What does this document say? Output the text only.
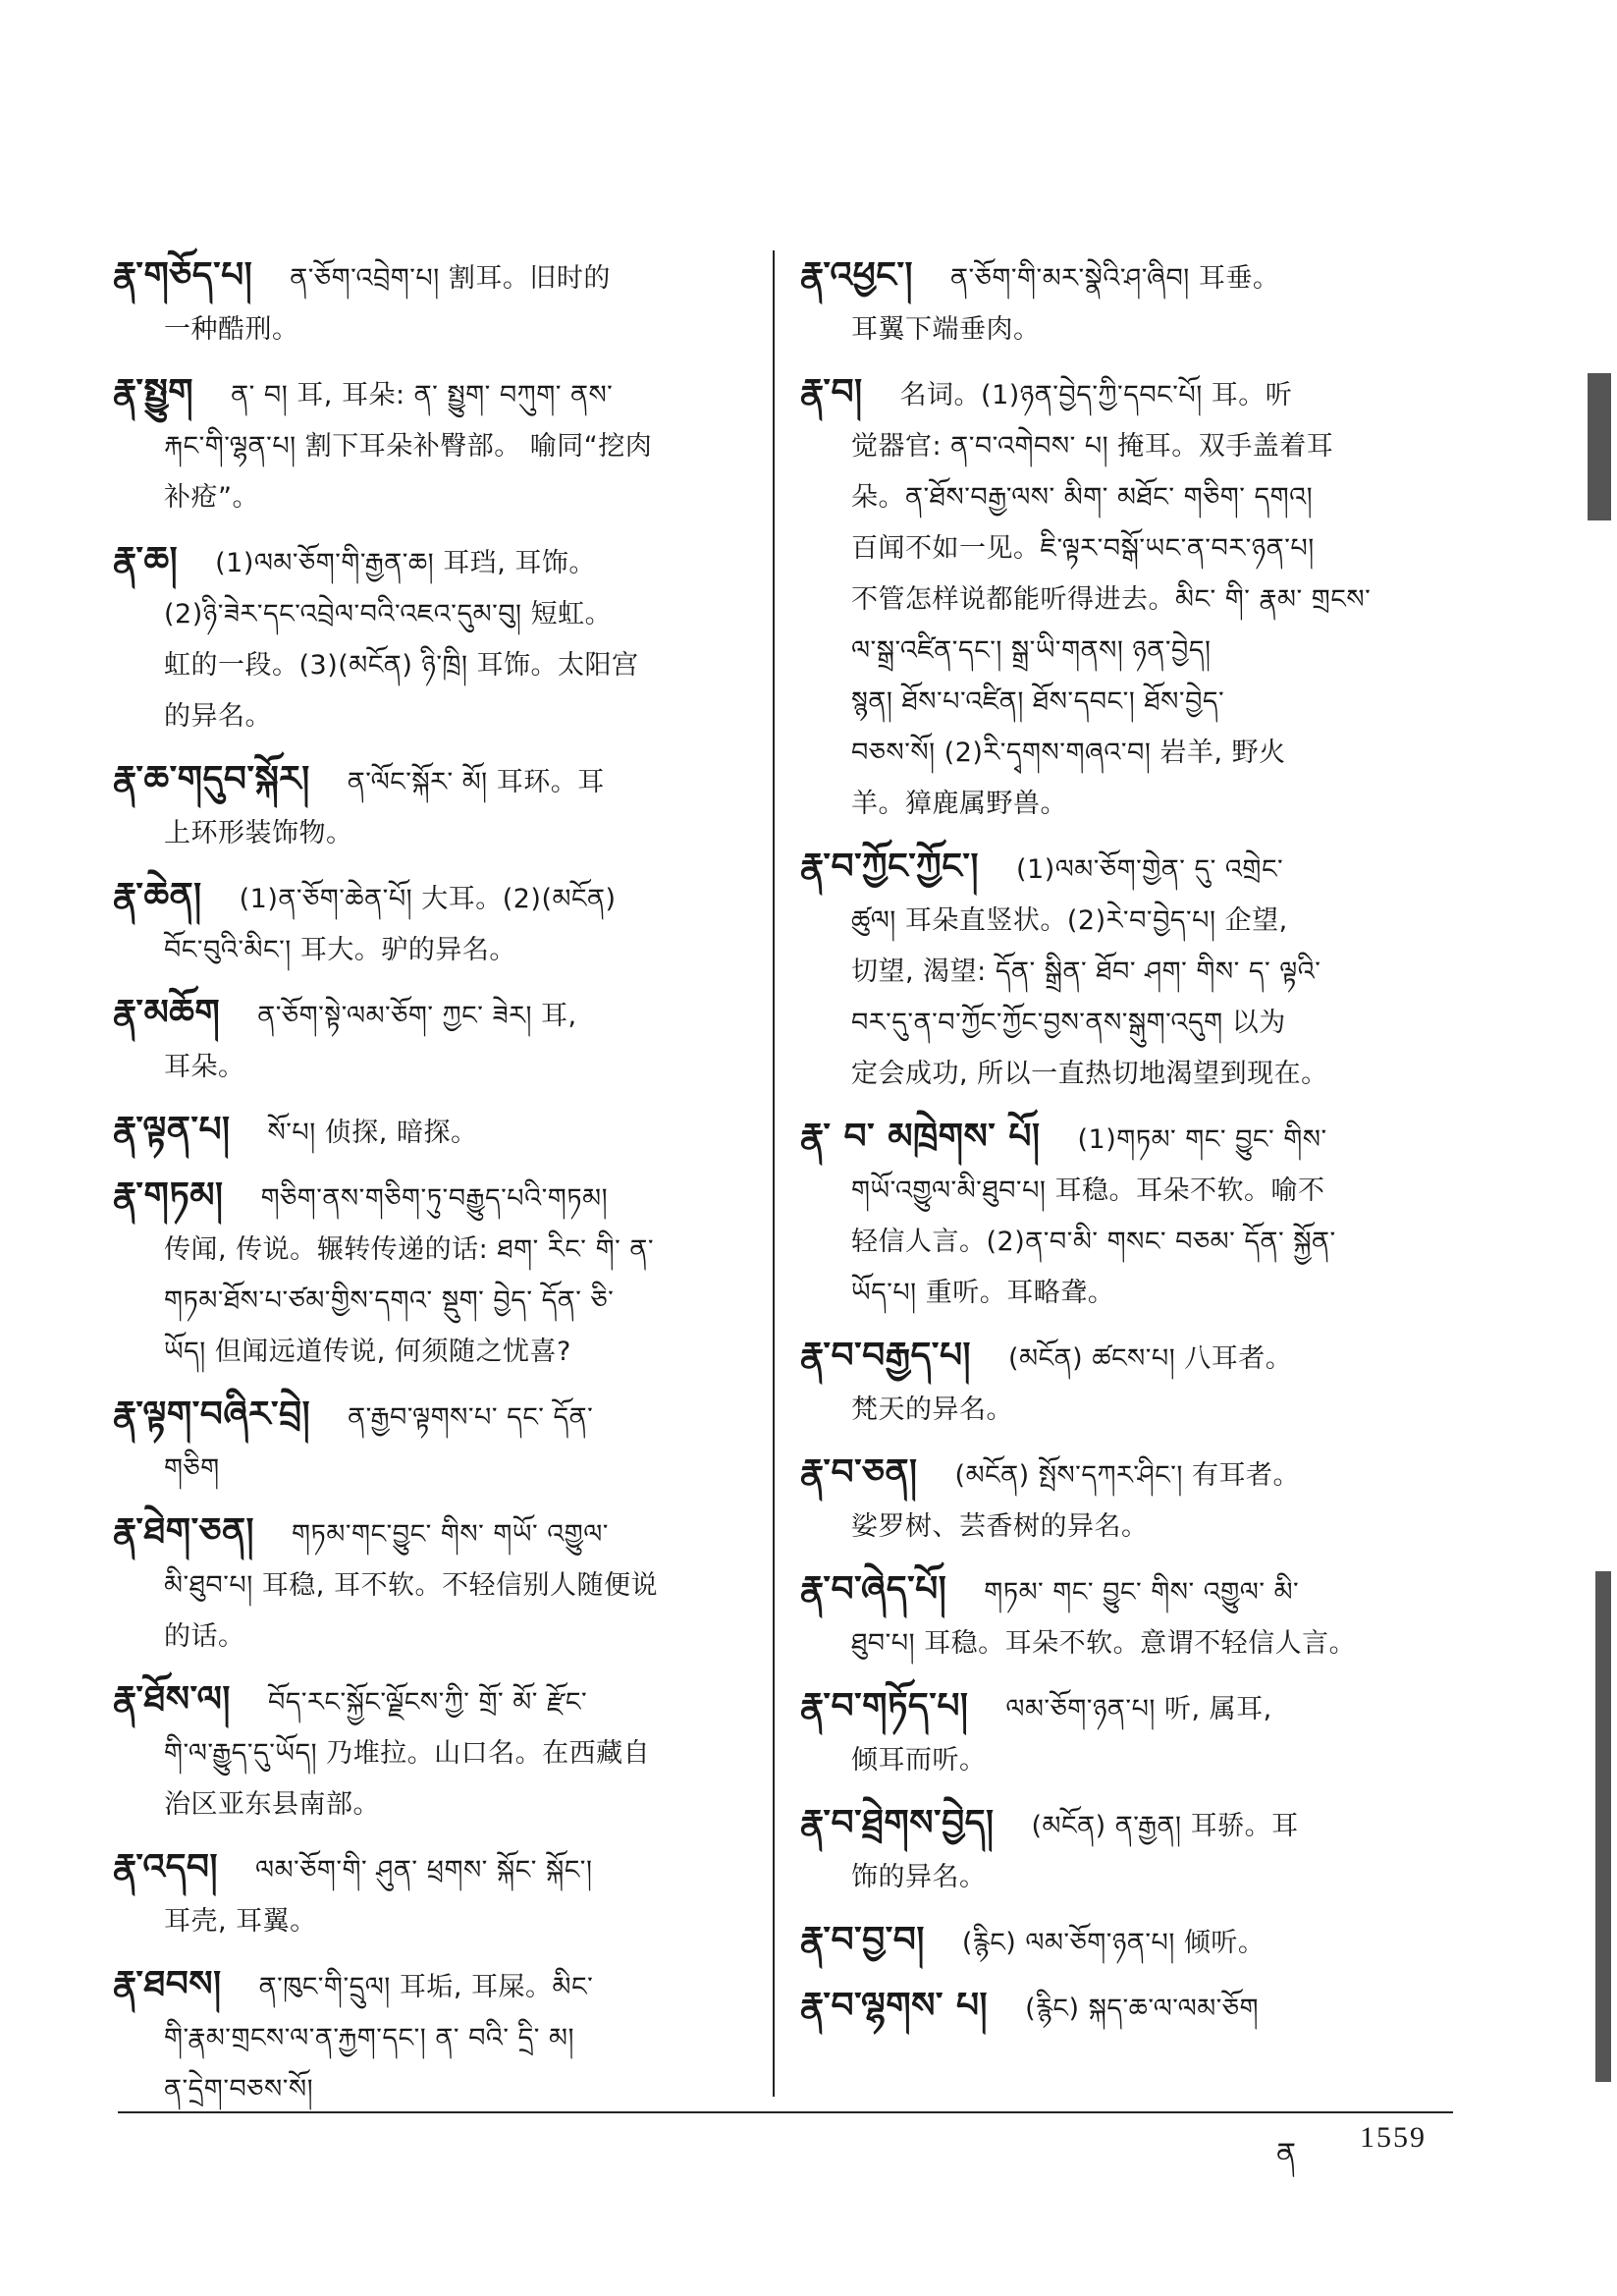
རྣ་གཅོད་པ། ན་ཅོག་འབྲེག་པ། 割耳。旧时的
一种酷刑。
རྣ་སྤྱུག ན་ བ། 耳, 耳朵: ན་ སྤྱུག་ བཀུག་ ནས་
རྐང་གི་ལྷན་པ། 割下耳朵补臀部。 喻同“挖肉
补疮”。
རྣ་ཆ། (1)ལམ་ཅོག་གི་རྒྱན་ཆ། 耳珰, 耳饰。
(2)ཉི་ཟེར་དང་འབྲེལ་བའི་འཇའ་དུམ་བུ། 短虹。
虹的一段。(3)(མངོན) ཉི་ཁྲི། 耳饰。太阳宫
的异名。
རྣ་ཆ་གདུབ་སྐོར། ན་ལོང་སྐོར་ མོ། 耳环。耳
上环形装饰物。
རྣ་ཆེན། (1)ན་ཅོག་ཆེན་པོ། 大耳。(2)(མངོན)
བོང་བུའི་མིང་། 耳大。驴的异名。
རྣ་མཆོག ན་ཅོག་སྟེ་ལམ་ཅོག་ ཀྱང་ ཟེར། 耳,
耳朵。
རྣ་ལྟན་པ། སོ་པ། 侦探, 暗探。
རྣ་གཏམ། གཅིག་ནས་གཅིག་ཏུ་བརྒྱུད་པའི་གཏམ།
传闻, 传说。辗转传递的话: ཐག་ རིང་ གི་ ན་
གཏམ་ཐོས་པ་ཙམ་གྱིས་དགའ་ སྡུག་ བྱེད་ དོན་ ཅི་
ཡོད། 但闻远道传说, 何须随之忧喜?
རྣ་ལྟག་བཞིར་བྲེ། ན་རྒྱབ་ལྟགས་པ་ དང་ དོན་
གཅིག
རྣ་ཐེག་ཅན། གཏམ་གང་བྱུང་ གིས་ གཡོ་ འགྱུལ་
མི་ཐུབ་པ། 耳稳, 耳不软。不轻信别人随便说
的话。
རྣ་ཐོས་ལ། བོད་རང་སྐྱོང་ལྗོངས་ཀྱི་ གྲོ་ མོ་ རྫོང་
གི་ལ་རྒྱུད་དུ་ཡོད། 乃堆拉。山口名。在西藏自
治区亚东县南部。
རྣ་འདབ། ལམ་ཅོག་གི་ ཤུན་ ཕྲགས་ སྐོང་ སྐོང་།
耳壳, 耳翼。
རྣ་ཐབས། ན་ཁུང་གི་དྲུལ། 耳垢, 耳屎。མིང་
གི་རྣམ་གྲངས་ལ་ན་རྐྱག་དང་། ན་ བའི་ དྲི་ མ།
ན་དྲེག་བཅས་སོ།
རྣ་འཕྱང་། ན་ཅོག་གི་མར་སྣེའི་ཤ་ཞིབ། 耳垂。
耳翼下端垂肉。
རྣ་བ། 名词。(1)ཉན་བྱེད་ཀྱི་དབང་པོ། 耳。听
觉器官: ན་བ་འགེབས་ པ། 掩耳。双手盖着耳
朵。ན་ཐོས་བརྒྱ་ལས་ མིག་ མཐོང་ གཅིག་ དགའ།
百闻不如一见。ཇི་ལྟར་བསྒོ་ཡང་ན་བར་ཉན་པ།
不管怎样说都能听得进去。མིང་ གི་ རྣམ་ གྲངས་
ལ་སྒྲ་འཛིན་དང་། སྒྲ་ཡི་གནས། ཉན་བྱེད།
སྙན། ཐོས་པ་འཛིན། ཐོས་དབང་། ཐོས་བྱེད་
བཅས་སོ། (2)རི་དྭགས་གཞའ་བ། 岩羊, 野火
羊。獐鹿属野兽。
རྣ་བ་ཀྱོང་ཀྱོང་། (1)ལམ་ཅོག་གྱེན་ དུ་ འགྲེང་
ཚུལ། 耳朵直竖状。(2)རེ་བ་བྱེད་པ། 企望,
切望, 渴望: དོན་ སྒྲིན་ ཐོབ་ ཤག་ གིས་ ད་ ལྟའི་
བར་དུ་ན་བ་ཀྱོང་ཀྱོང་བྱས་ནས་སྒུག་འདུག 以为
定会成功, 所以一直热切地渴望到现在。
རྣ་ བ་ མཁྲེགས་ པོ། (1)གཏམ་ གང་ བྱུང་ གིས་
གཡོ་འགྱུལ་མི་ཐུབ་པ། 耳稳。耳朵不软。喻不
轻信人言。(2)ན་བ་མི་ གསང་ བཅམ་ དོན་ སྐྱོན་
ཡོད་པ། 重听。耳略聋。
རྣ་བ་བརྒྱད་པ། (མངོན) ཚངས་པ། 八耳者。
梵天的异名。
རྣ་བ་ཅན། (མངོན) སྤོས་དཀར་ཤིང་། 有耳者。
娑罗树、芸香树的异名。
རྣ་བ་ཞེད་པོ། གཏམ་ གང་ བྱུང་ གིས་ འགྱུལ་ མི་
ཐུབ་པ། 耳稳。耳朵不软。意谓不轻信人言。
རྣ་བ་གཏོད་པ། ལམ་ཅོག་ཉན་པ། 听, 属耳,
倾耳而听。
རྣ་བ་ཐྲེགས་བྱེད། (མངོན) ན་རྒྱན། 耳骄。耳
饰的异名。
རྣ་བ་བྱ་བ། (རྙིང) ལམ་ཅོག་ཉན་པ། 倾听。
རྣ་བ་ལྷགས་ པ། (རྙིང) སྐད་ཆ་ལ་ལམ་ཅོག
ན 1559
